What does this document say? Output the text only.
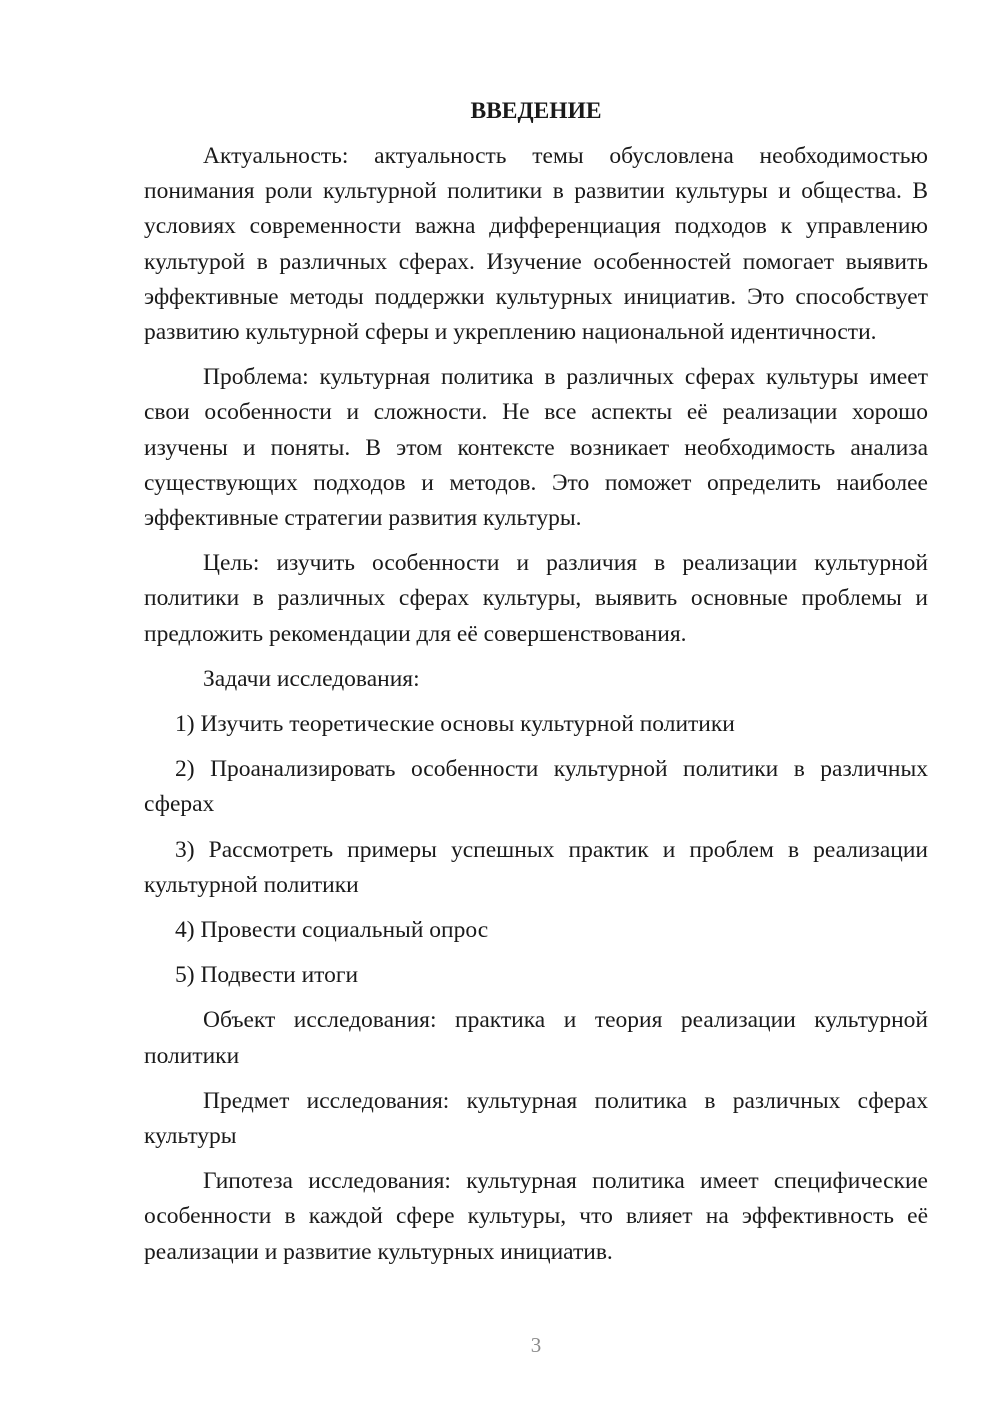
ВВЕДЕНИЕ

Актуальность: актуальность темы обусловлена необходимостью понимания роли культурной политики в развитии культуры и общества. В условиях современности важна дифференциация подходов к управлению культурой в различных сферах. Изучение особенностей помогает выявить эффективные методы поддержки культурных инициатив. Это способствует развитию культурной сферы и укреплению национальной идентичности.

Проблема: культурная политика в различных сферах культуры имеет свои особенности и сложности. Не все аспекты её реализации хорошо изучены и поняты. В этом контексте возникает необходимость анализа существующих подходов и методов. Это поможет определить наиболее эффективные стратегии развития культуры.

Цель: изучить особенности и различия в реализации культурной политики в различных сферах культуры, выявить основные проблемы и предложить рекомендации для её совершенствования.

Задачи исследования:

1) Изучить теоретические основы культурной политики

2) Проанализировать особенности культурной политики в различных сферах

3) Рассмотреть примеры успешных практик и проблем в реализации культурной политики

4) Провести социальный опрос

5) Подвести итоги

Объект исследования: практика и теория реализации культурной политики

Предмет исследования: культурная политика в различных сферах культуры

Гипотеза исследования: культурная политика имеет специфические особенности в каждой сфере культуры, что влияет на эффективность её реализации и развитие культурных инициатив.

3
